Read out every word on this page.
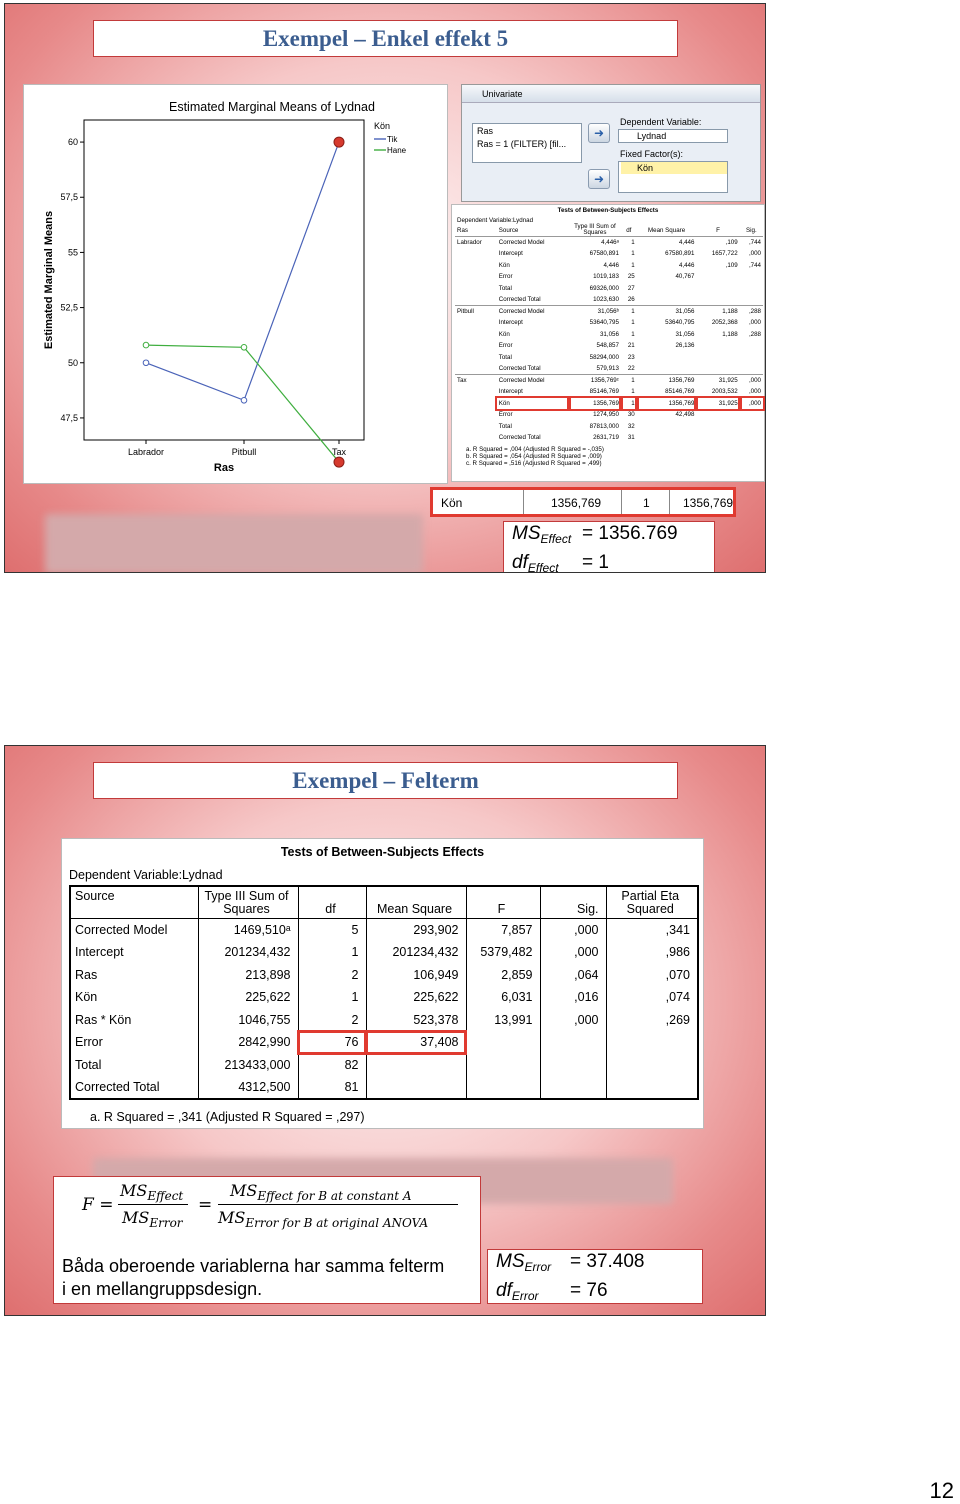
Exempel – Enkel effekt 5
Estimated Marginal Means of Lydnad
47,5
50
52,5
55
57,5
60
Labrador	Pitbull	Tax
Ras
Estimated Marginal Means
Kön
Tik
Hane
Univariate
Ras
Ras = 1 (FILTER) [fil...
➜
➜
Dependent Variable:
Lydnad
Fixed Factor(s):
Kön
Tests of Between-Subjects Effects
Dependent Variable:Lydnad
Ras	Source	Type III Sum of Squares	df	Mean Square	F	Sig.
Labrador	Corrected Model	4,446ᵃ	1	4,446	,109	,744
	Intercept	67580,891	1	67580,891	1657,722	,000
	Kön	4,446	1	4,446	,109	,744
	Error	1019,183	25	40,767		
	Total	69326,000	27			
	Corrected Total	1023,630	26			
Pitbull	Corrected Model	31,056ᵇ	1	31,056	1,188	,288
	Intercept	53640,795	1	53640,795	2052,368	,000
	Kön	31,056	1	31,056	1,188	,288
	Error	548,857	21	26,136		
	Total	58294,000	23			
	Corrected Total	579,913	22			
Tax	Corrected Model	1356,769ᶜ	1	1356,769	31,925	,000
	Intercept	85146,769	1	85146,769	2003,532	,000
	Kön	1356,769	1	1356,769	31,925	,000
	Error	1274,950	30	42,498		
	Total	87813,000	32			
	Corrected Total	2631,719	31			
a. R Squared = ,004 (Adjusted R Squared = -,035)
b. R Squared = ,054 (Adjusted R Squared = ,009)
c. R Squared = ,516 (Adjusted R Squared = ,499)
Kön	1356,769	1	1356,769
$MS_{Effect} = 1356.769$
$df_{Effect} = 1$
Exempel – Felterm
Tests of Between-Subjects Effects
Dependent Variable:Lydnad
Source	Type III Sum of Squares	df	Mean Square	F	Sig.	Partial Eta Squared
Corrected Model	1469,510ᵃ	5	293,902	7,857	,000	,341
Intercept	201234,432	1	201234,432	5379,482	,000	,986
Ras	213,898	2	106,949	2,859	,064	,070
Kön	225,622	1	225,622	6,031	,016	,074
Ras * Kön	1046,755	2	523,378	13,991	,000	,269
Error	2842,990	76	37,408			
Total	213433,000	82				
Corrected Total	4312,500	81				
a. R Squared = ,341 (Adjusted R Squared = ,297)
F =
$MS_{Effect}$
$MS_{Error}$
=
$MS_{Effect for B at constant A}$
$MS_{Error for B at original ANOVA}$
Båda oberoende variablerna har samma felterm
i en mellangruppsdesign.
$MS_{Error} = 37.408$
$df_{Error} = 76$
12
